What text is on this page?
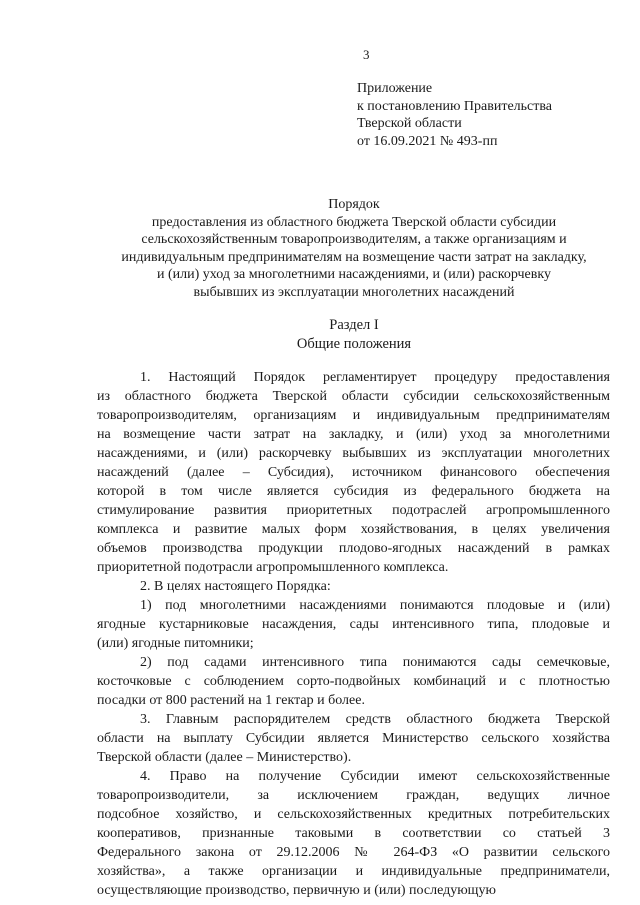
3
Приложение
к постановлению Правительства
Тверской области
от 16.09.2021 № 493-пп
Порядок
предоставления из областного бюджета Тверской области субсидии
сельскохозяйственным товаропроизводителям, а также организациям и
индивидуальным предпринимателям на возмещение части затрат на закладку,
и (или) уход за многолетними насаждениями, и (или) раскорчевку
выбывших из эксплуатации многолетних насаждений
Раздел I
Общие положения
1. Настоящий Порядок регламентирует процедуру предоставления
из областного бюджета Тверской области субсидии сельскохозяйственным
товаропроизводителям, организациям и индивидуальным предпринимателям
на возмещение части затрат на закладку, и (или) уход за многолетними
насаждениями, и (или) раскорчевку выбывших из эксплуатации многолетних
насаждений (далее – Субсидия), источником финансового обеспечения
которой в том числе является субсидия из федерального бюджета на
стимулирование развития приоритетных подотраслей агропромышленного
комплекса и развитие малых форм хозяйствования, в целях увеличения
объемов производства продукции плодово-ягодных насаждений в рамках
приоритетной подотрасли агропромышленного комплекса.
2. В целях настоящего Порядка:
1) под многолетними насаждениями понимаются плодовые и (или)
ягодные кустарниковые насаждения, сады интенсивного типа, плодовые и
(или) ягодные питомники;
2) под садами интенсивного типа понимаются сады семечковые,
косточковые с соблюдением сорто-подвойных комбинаций и с плотностью
посадки от 800 растений на 1 гектар и более.
3. Главным распорядителем средств областного бюджета Тверской
области на выплату Субсидии является Министерство сельского хозяйства
Тверской области (далее – Министерство).
4. Право на получение Субсидии имеют сельскохозяйственные
товаропроизводители, за исключением граждан, ведущих личное
подсобное хозяйство, и сельскохозяйственных кредитных потребительских
кооперативов, признанные таковыми в соответствии со статьей 3
Федерального закона от 29.12.2006 № 264-ФЗ «О развитии сельского
хозяйства», а также организации и индивидуальные предприниматели,
осуществляющие производство, первичную и (или) последующую
